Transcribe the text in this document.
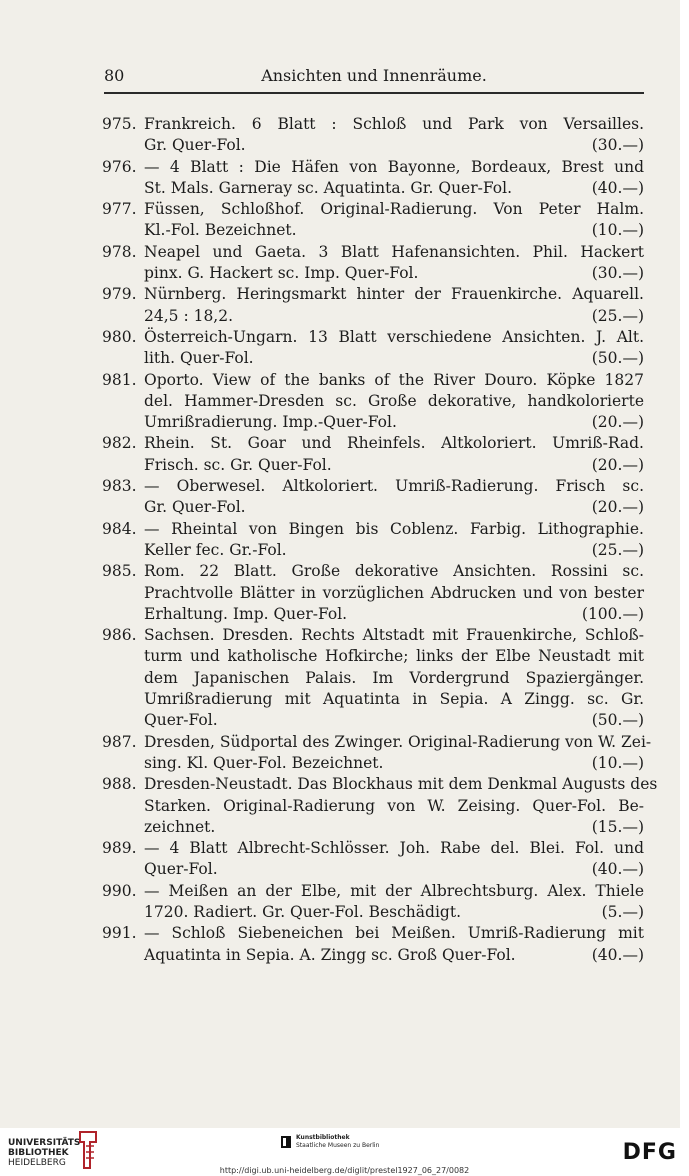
80	Ansichten und Innenräume.
975. Frankreich. 6 Blatt : Schloß und Park von Versailles.
(30.—)
Gr. Quer-Fol.
976. — 4 Blatt : Die Häfen von Bayonne, Bordeaux, Brest und
(40.—)
St. Mals. Garneray sc. Aquatinta. Gr. Quer-Fol.
977. Füssen, Schloßhof. Original-Radierung. Von Peter Halm.
(10.—)
Kl.-Fol. Bezeichnet.
978. Neapel und Gaeta. 3 Blatt Hafenansichten. Phil. Hackert
(30.—)
pinx. G. Hackert sc. Imp. Quer-Fol.
979. Nürnberg. Heringsmarkt hinter der Frauenkirche. Aquarell.
(25.—)
24,5 : 18,2.
980. Österreich-Ungarn. 13 Blatt verschiedene Ansichten. J. Alt.
(50.—)
lith. Quer-Fol.
981. Oporto. View of the banks of the River Douro. Köpke 1827
del. Hammer-Dresden sc. Große dekorative, handkolorierte
(20.—)
Umrißradierung. Imp.-Quer-Fol.
982. Rhein. St. Goar und Rheinfels. Altkoloriert. Umriß-Rad.
(20.—)
Frisch. sc. Gr. Quer-Fol.
983. — Oberwesel. Altkoloriert. Umriß-Radierung. Frisch sc.
(20.—)
Gr. Quer-Fol.
984. — Rheintal von Bingen bis Coblenz. Farbig. Lithographie.
(25.—)
Keller fec. Gr.-Fol.
985. Rom. 22 Blatt. Große dekorative Ansichten. Rossini sc.
Prachtvolle Blätter in vorzüglichen Abdrucken und von bester
(100.—)
Erhaltung. Imp. Quer-Fol.
986. Sachsen. Dresden. Rechts Altstadt mit Frauenkirche, Schloß-
turm und katholische Hofkirche; links der Elbe Neustadt mit
dem Japanischen Palais. Im Vordergrund Spaziergänger.
Umrißradierung mit Aquatinta in Sepia. A Zingg. sc. Gr.
(50.—)
Quer-Fol.
987. Dresden, Südportal des Zwinger. Original-Radierung von W. Zei-
(10.—)
sing. Kl. Quer-Fol. Bezeichnet.
988. Dresden-Neustadt. Das Blockhaus mit dem Denkmal Augusts des
Starken. Original-Radierung von W. Zeising. Quer-Fol. Be-
(15.—)
zeichnet.
989. — 4 Blatt Albrecht-Schlösser. Joh. Rabe del. Blei. Fol. und
(40.—)
Quer-Fol.
990. — Meißen an der Elbe, mit der Albrechtsburg. Alex. Thiele
(5.—)
1720. Radiert. Gr. Quer-Fol. Beschädigt.
991. — Schloß Siebeneichen bei Meißen. Umriß-Radierung mit
(40.—)
Aquatinta in Sepia. A. Zingg sc. Groß Quer-Fol.
UNIVERSITÄTS-
BIBLIOTHEK
HEIDELBERG
Kunstbibliothek
Staatliche Museen zu Berlin	DFG
http://digi.ub.uni-heidelberg.de/diglit/prestel1927_06_27/0082
